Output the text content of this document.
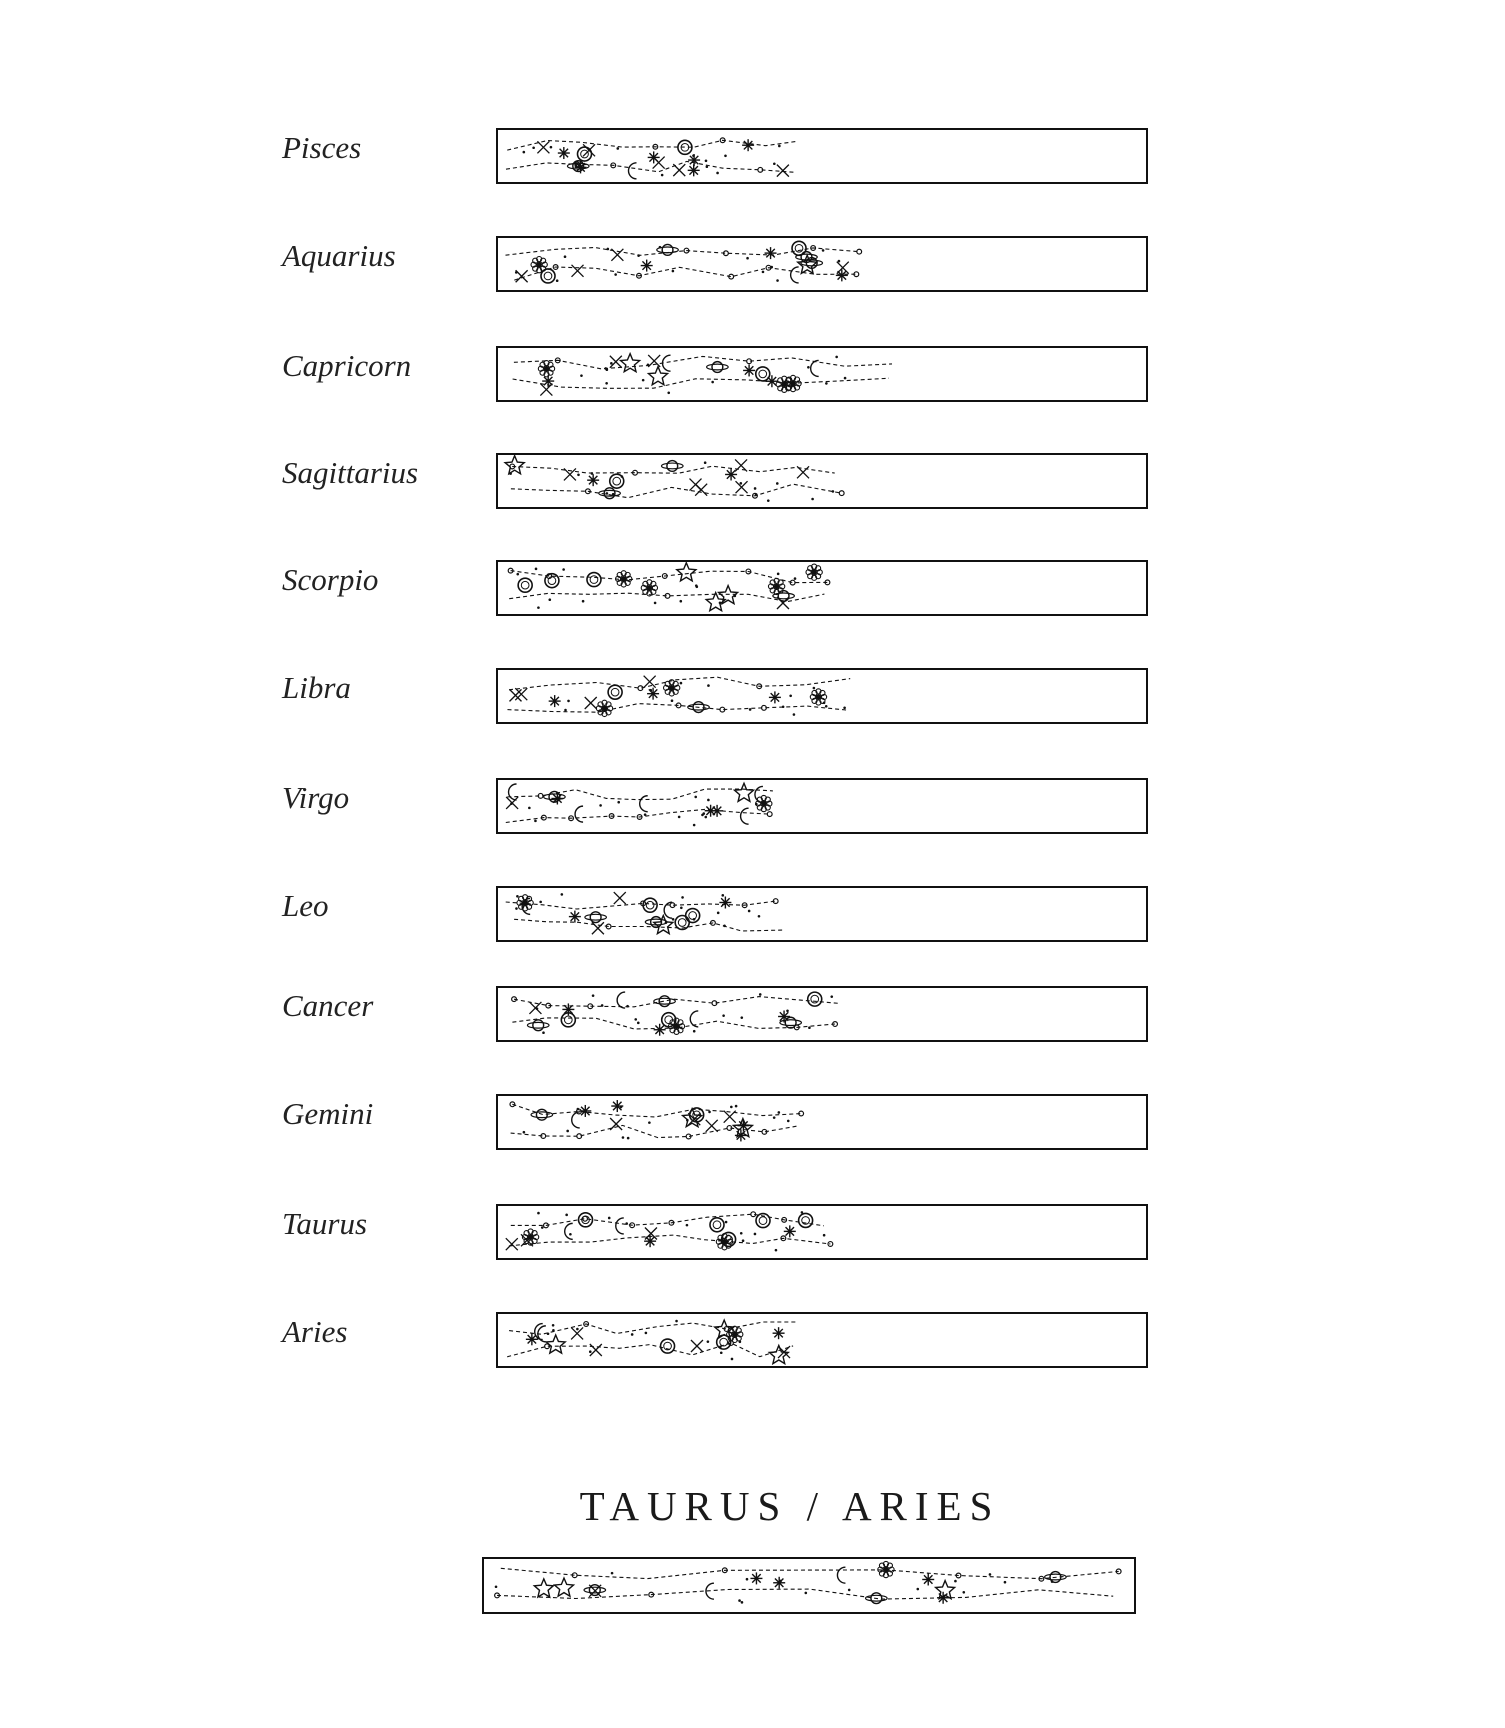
Pisces
Aquarius
Capricorn
Sagittarius
Scorpio
Libra
Virgo
Leo
Cancer
Gemini
Taurus
Aries
TAURUS / ARIES
